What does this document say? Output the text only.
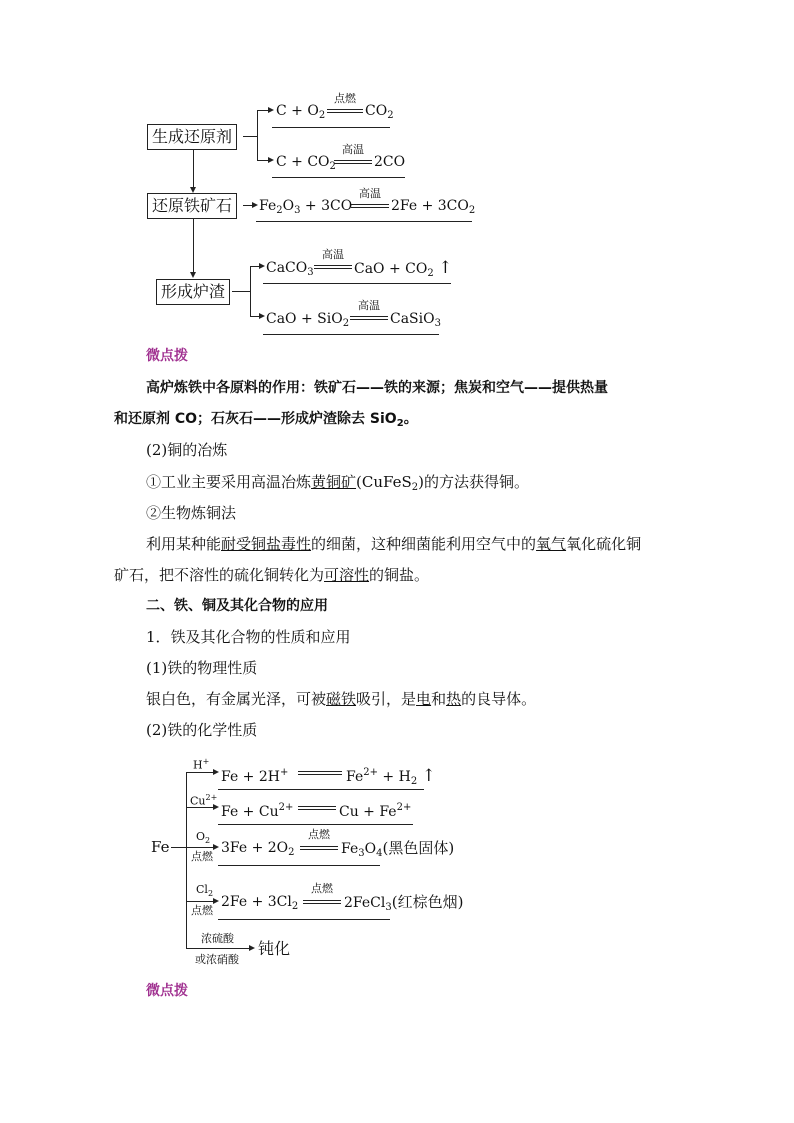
生成还原剂
还原铁矿石
形成炉渣
$C + O_2$
点燃
$CO_2$
$C + CO_2$
高温
2CO
$Fe_2O_3 + 3CO$
高温
$2Fe + 3CO_2$
CaCO$_3$
高温
CaO + $CO_2$ ↑
CaO + SiO$_2$
高温
CaSiO$_3$
微点拨
高炉炼铁中各原料的作用：铁矿石——铁的来源；焦炭和空气——提供热量
和还原剂 CO；石灰石——形成炉渣除去 SiO$_2$。
(2)铜的冶炼
①工业主要采用高温冶炼黄铜矿(CuFeS$_2$)的方法获得铜。
②生物炼铜法
利用某种能耐受铜盐毒性的细菌，这种细菌能利用空气中的氧气氧化硫化铜
矿石，把不溶性的硫化铜转化为可溶性的铜盐。
二、铁、铜及其化合物的应用
1．铁及其化合物的性质和应用
(1)铁的物理性质
银白色，有金属光泽，可被磁铁吸引，是电和热的良导体。
(2)铁的化学性质
Fe
H+
Fe + 2H+	$Fe^{2+} + H_2$ ↑
$Cu^{2+}$
$Fe + Cu^{2+}$	$Cu + Fe^{2+}$
$O_2$
点燃
$3Fe + 2O_2$
点燃
$Fe_3O_4$(黑色固体)
$Cl_2$
点燃
$2Fe + 3Cl_2$
点燃
2FeCl$_3$(红棕色烟)
浓硫酸
或浓硝酸
钝化
微点拨
